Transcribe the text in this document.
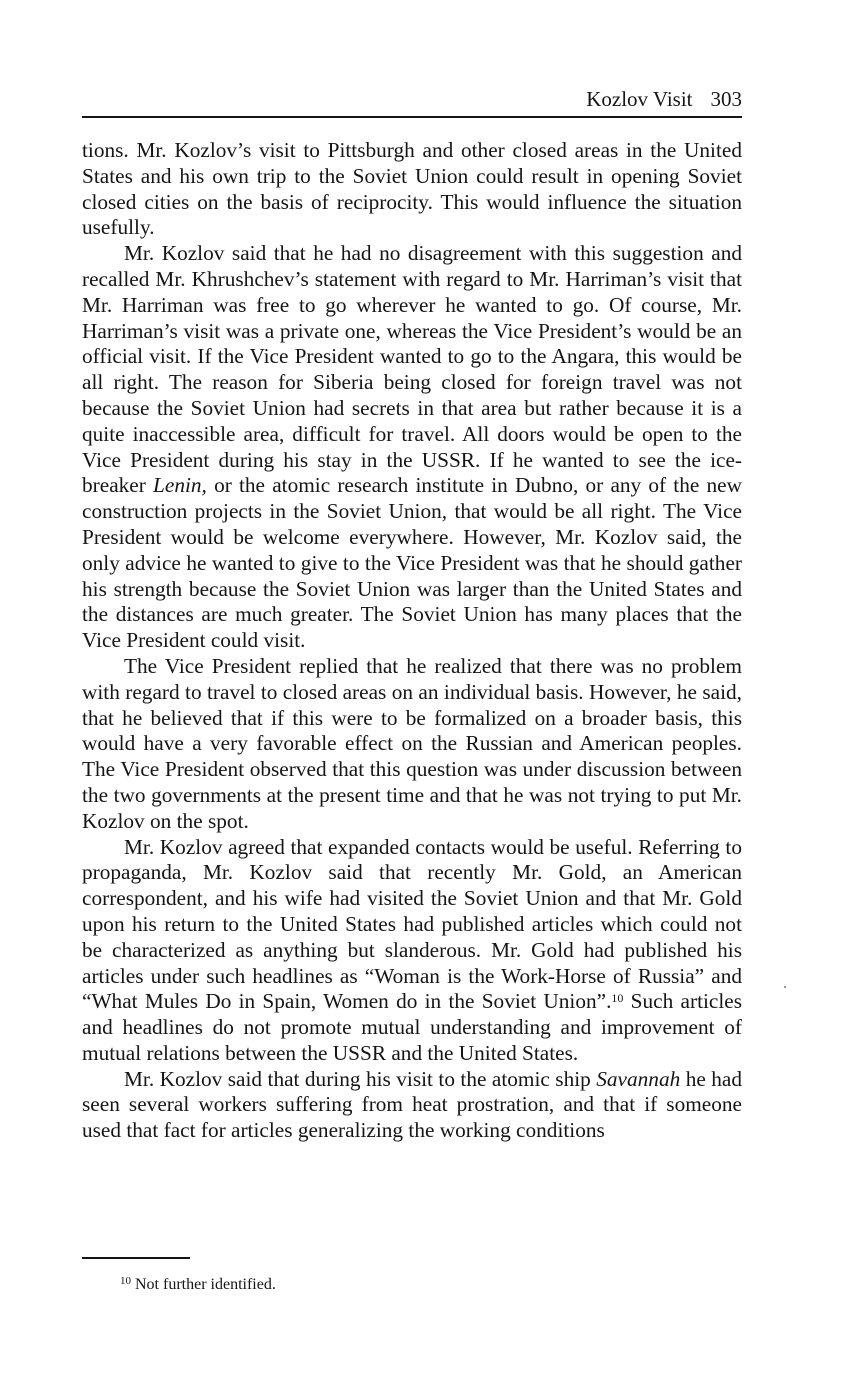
Kozlov Visit 303

tions. Mr. Kozlov’s visit to Pittsburgh and other closed areas in the United States and his own trip to the Soviet Union could result in opening Soviet closed cities on the basis of reciprocity. This would influence the situation usefully.

Mr. Kozlov said that he had no disagreement with this suggestion and recalled Mr. Khrushchev’s statement with regard to Mr. Harriman’s visit that Mr. Harriman was free to go wherever he wanted to go. Of course, Mr. Harriman’s visit was a private one, whereas the Vice President’s would be an official visit. If the Vice President wanted to go to the Angara, this would be all right. The reason for Siberia being closed for foreign travel was not because the Soviet Union had secrets in that area but rather because it is a quite inaccessible area, difficult for travel. All doors would be open to the Vice President during his stay in the USSR. If he wanted to see the ice-breaker Lenin, or the atomic research institute in Dubno, or any of the new construction projects in the Soviet Union, that would be all right. The Vice President would be welcome everywhere. However, Mr. Kozlov said, the only advice he wanted to give to the Vice President was that he should gather his strength because the Soviet Union was larger than the United States and the distances are much greater. The Soviet Union has many places that the Vice President could visit.

The Vice President replied that he realized that there was no problem with regard to travel to closed areas on an individual basis. However, he said, that he believed that if this were to be formalized on a broader basis, this would have a very favorable effect on the Russian and American peoples. The Vice President observed that this question was under discussion between the two governments at the present time and that he was not trying to put Mr. Kozlov on the spot.

Mr. Kozlov agreed that expanded contacts would be useful. Referring to propaganda, Mr. Kozlov said that recently Mr. Gold, an American correspondent, and his wife had visited the Soviet Union and that Mr. Gold upon his return to the United States had published articles which could not be characterized as anything but slanderous. Mr. Gold had published his articles under such headlines as “Woman is the Work-Horse of Russia” and “What Mules Do in Spain, Women do in the Soviet Union”.$^{10}$ Such articles and headlines do not promote mutual understanding and improvement of mutual relations between the USSR and the United States.

Mr. Kozlov said that during his visit to the atomic ship Savannah he had seen several workers suffering from heat prostration, and that if someone used that fact for articles generalizing the working conditions

$^{10}$ Not further identified.
